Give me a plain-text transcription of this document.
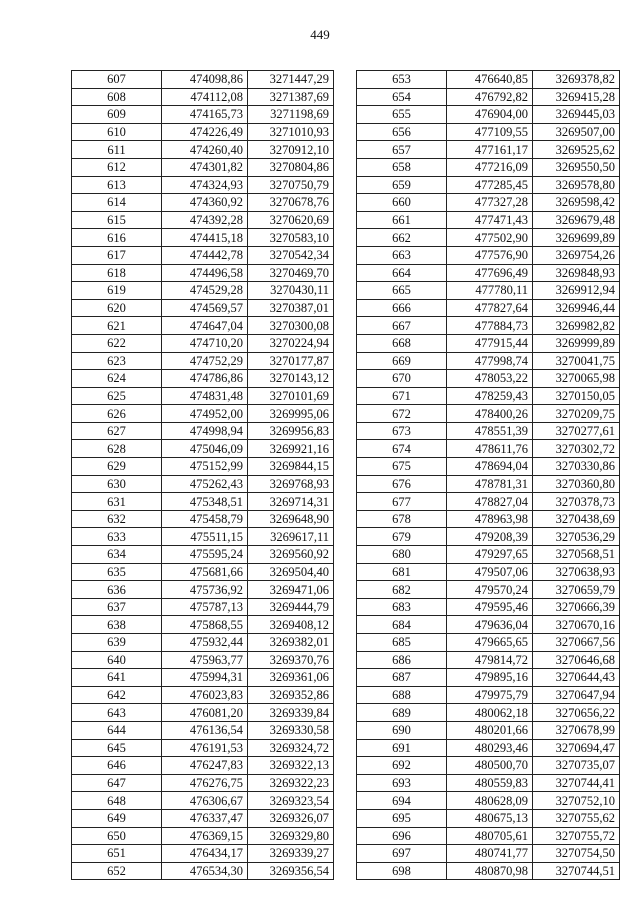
449
607	474098,86	3271447,29
608	474112,08	3271387,69
609	474165,73	3271198,69
610	474226,49	3271010,93
611	474260,40	3270912,10
612	474301,82	3270804,86
613	474324,93	3270750,79
614	474360,92	3270678,76
615	474392,28	3270620,69
616	474415,18	3270583,10
617	474442,78	3270542,34
618	474496,58	3270469,70
619	474529,28	3270430,11
620	474569,57	3270387,01
621	474647,04	3270300,08
622	474710,20	3270224,94
623	474752,29	3270177,87
624	474786,86	3270143,12
625	474831,48	3270101,69
626	474952,00	3269995,06
627	474998,94	3269956,83
628	475046,09	3269921,16
629	475152,99	3269844,15
630	475262,43	3269768,93
631	475348,51	3269714,31
632	475458,79	3269648,90
633	475511,15	3269617,11
634	475595,24	3269560,92
635	475681,66	3269504,40
636	475736,92	3269471,06
637	475787,13	3269444,79
638	475868,55	3269408,12
639	475932,44	3269382,01
640	475963,77	3269370,76
641	475994,31	3269361,06
642	476023,83	3269352,86
643	476081,20	3269339,84
644	476136,54	3269330,58
645	476191,53	3269324,72
646	476247,83	3269322,13
647	476276,75	3269322,23
648	476306,67	3269323,54
649	476337,47	3269326,07
650	476369,15	3269329,80
651	476434,17	3269339,27
652	476534,30	3269356,54
653	476640,85	3269378,82
654	476792,82	3269415,28
655	476904,00	3269445,03
656	477109,55	3269507,00
657	477161,17	3269525,62
658	477216,09	3269550,50
659	477285,45	3269578,80
660	477327,28	3269598,42
661	477471,43	3269679,48
662	477502,90	3269699,89
663	477576,90	3269754,26
664	477696,49	3269848,93
665	477780,11	3269912,94
666	477827,64	3269946,44
667	477884,73	3269982,82
668	477915,44	3269999,89
669	477998,74	3270041,75
670	478053,22	3270065,98
671	478259,43	3270150,05
672	478400,26	3270209,75
673	478551,39	3270277,61
674	478611,76	3270302,72
675	478694,04	3270330,86
676	478781,31	3270360,80
677	478827,04	3270378,73
678	478963,98	3270438,69
679	479208,39	3270536,29
680	479297,65	3270568,51
681	479507,06	3270638,93
682	479570,24	3270659,79
683	479595,46	3270666,39
684	479636,04	3270670,16
685	479665,65	3270667,56
686	479814,72	3270646,68
687	479895,16	3270644,43
688	479975,79	3270647,94
689	480062,18	3270656,22
690	480201,66	3270678,99
691	480293,46	3270694,47
692	480500,70	3270735,07
693	480559,83	3270744,41
694	480628,09	3270752,10
695	480675,13	3270755,62
696	480705,61	3270755,72
697	480741,77	3270754,50
698	480870,98	3270744,51
